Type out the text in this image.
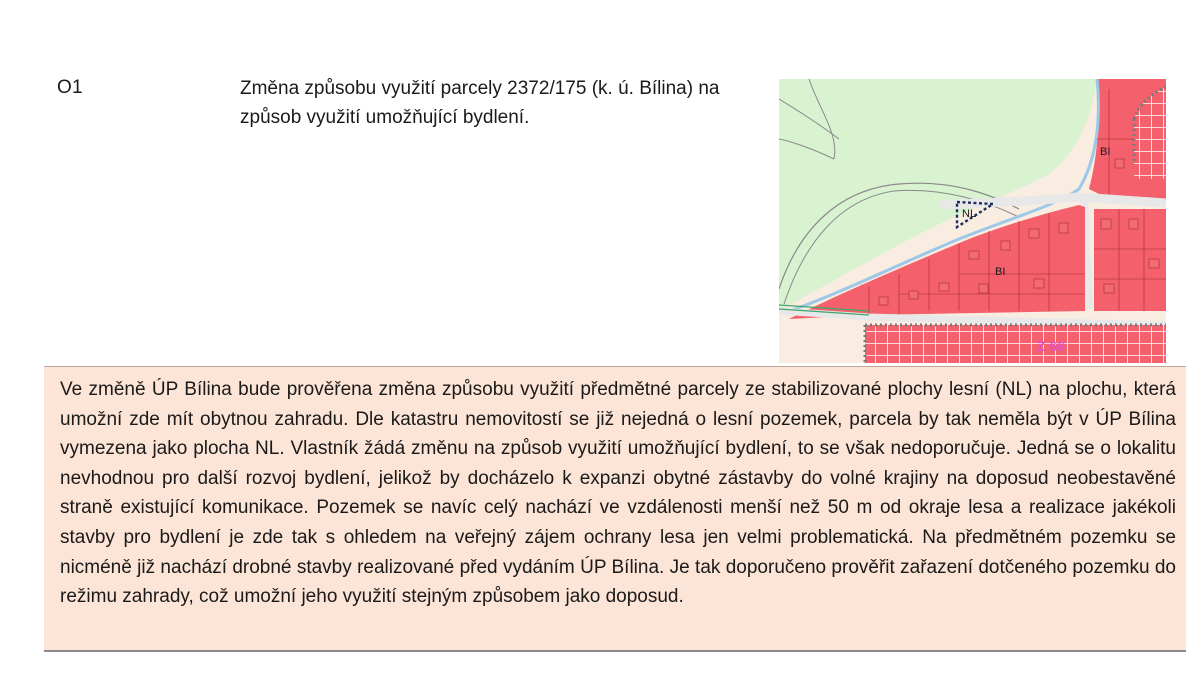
O1	Změna způsobu využití parcely 2372/175 (k. ú. Bílina) na způsob využití umožňující bydlení.
NL
BI
BI
Z 66

Ve změně ÚP Bílina bude prověřena změna způsobu využití předmětné parcely ze stabilizované plochy lesní (NL) na plochu, která umožní zde mít obytnou zahradu. Dle katastru nemovitostí se již nejedná o lesní pozemek, parcela by tak neměla být v ÚP Bílina vymezena jako plocha NL. Vlastník žádá změnu na způsob využití umožňující bydlení, to se však nedoporučuje. Jedná se o lokalitu nevhodnou pro další rozvoj bydlení, jelikož by docházelo k expanzi obytné zástavby do volné krajiny na doposud neobestavěné straně existující komunikace. Pozemek se navíc celý nachází ve vzdálenosti menší než 50 m od okraje lesa a realizace jakékoli stavby pro bydlení je zde tak s ohledem na veřejný zájem ochrany lesa jen velmi problematická. Na předmětném pozemku se nicméně již nachází drobné stavby realizované před vydáním ÚP Bílina. Je tak doporučeno prověřit zařazení dotčeného pozemku do režimu zahrady, což umožní jeho využití stejným způsobem jako doposud.
